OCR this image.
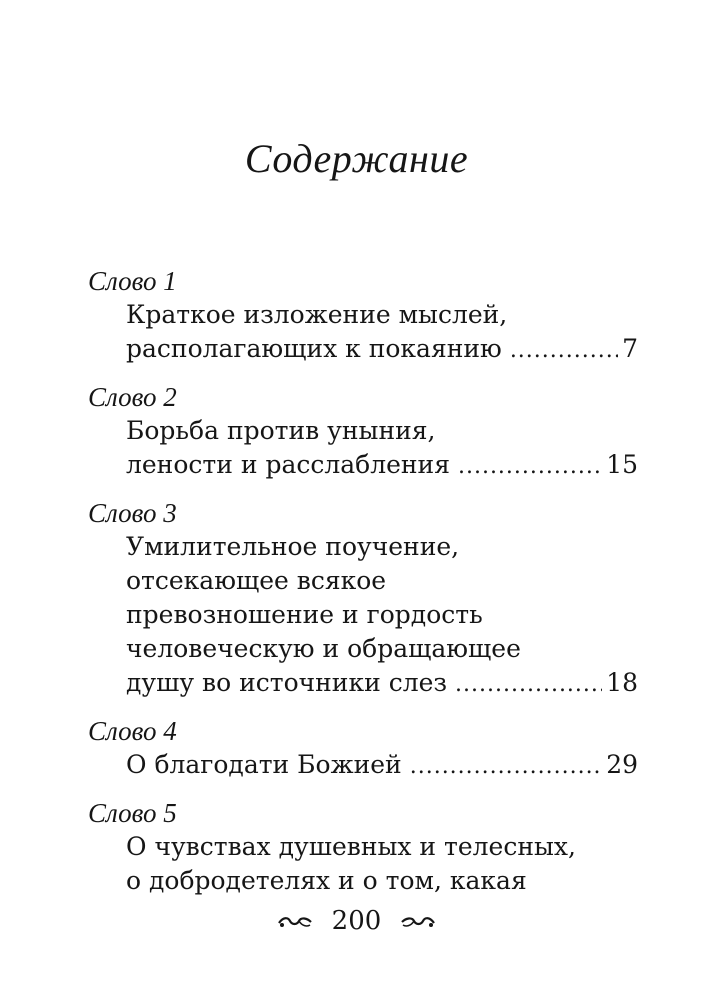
Содержание
Слово 1
Краткое изложение мыслей,
располагающих к покаянию .....	7
Слово 2
Борьба против уныния,
лености и расслабления .....	15
Слово 3
Умилительное поучение,
отсекающее всякое
превозношение и гордость
человеческую и обращающее
душу во источники слез .....	18
Слово 4
О благодати Божией .....	29
Слово 5
О чувствах душевных и телесных,
о добродетелях и о том, какая
200
